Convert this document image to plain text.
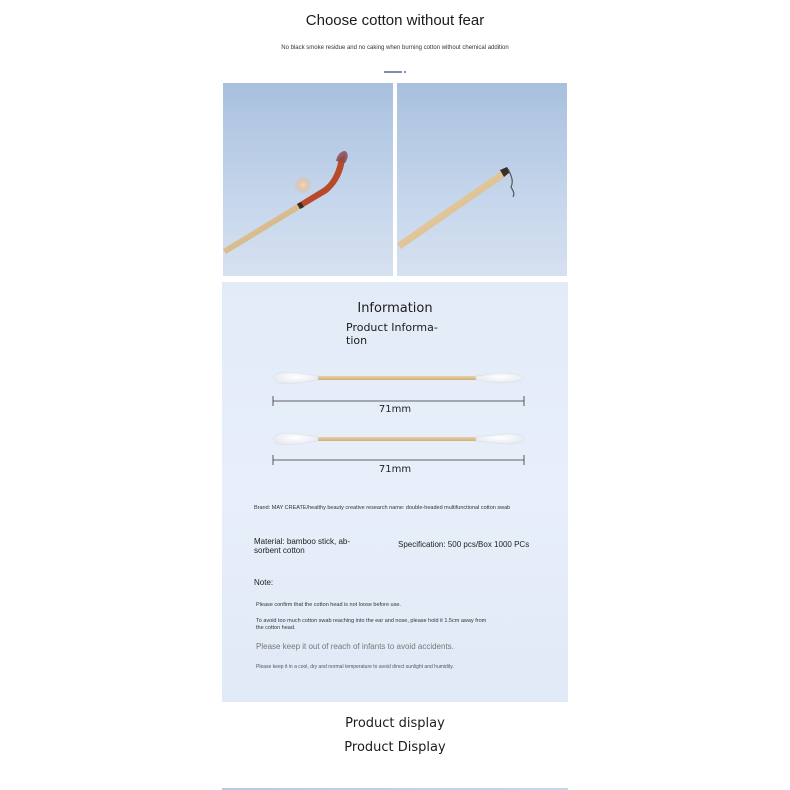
Choose cotton without fear
No black smoke residue and no caking when burning cotton without chemical addition
Information
Product Informa-
tion
71mm
71mm
Brand: MAY CREATE/healthy beauty creative research name: double-headed multifunctional cotton swab
Material: bamboo stick, ab-
sorbent cotton
Specification: 500 pcs/Box 1000 PCs
Note:
Please confirm that the cotton head is not loose before use.
To avoid too much cotton swab reaching into the ear and nose, please hold it 1.5cm away from
the cotton head.
Please keep it out of reach of infants to avoid accidents.
Please keep it in a cool, dry and normal temperature to avoid direct sunlight and humidity.
Product display
Product Display
